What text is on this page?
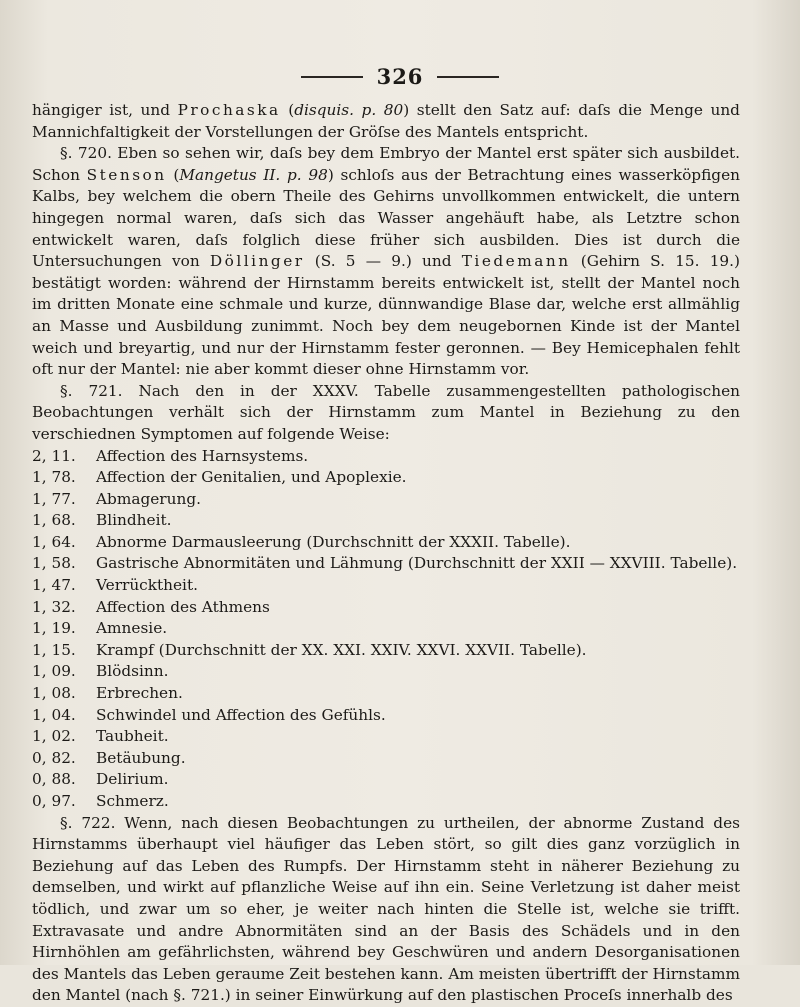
326

hängiger ist, und Prochaska (disquis. p. 80) stellt den Satz auf: daſs die Menge und Mannichfaltigkeit der Vorstellungen der Gröſse des Mantels entspricht.

§. 720. Eben so sehen wir, daſs bey dem Embryo der Mantel erst später sich ausbildet. Schon Stenson (Mangetus II. p. 98) schloſs aus der Betrachtung eines wasserköpfigen Kalbs, bey welchem die obern Theile des Gehirns unvollkommen entwickelt, die untern hingegen normal waren, daſs sich das Wasser angehäuft habe, als Letztre schon entwickelt waren, daſs folglich diese früher sich ausbilden. Dies ist durch die Untersuchungen von Döllinger (S. 5 — 9.) und Tiedemann (Gehirn S. 15. 19.) bestätigt worden: während der Hirnstamm bereits entwickelt ist, stellt der Mantel noch im dritten Monate eine schmale und kurze, dünnwandige Blase dar, welche erst allmählig an Masse und Ausbildung zunimmt. Noch bey dem neugebornen Kinde ist der Mantel weich und breyartig, und nur der Hirnstamm fester geronnen. — Bey Hemicephalen fehlt oft nur der Mantel: nie aber kommt dieser ohne Hirnstamm vor.

§. 721. Nach den in der XXXV. Tabelle zusammengestellten pathologischen Beobachtungen verhält sich der Hirnstamm zum Mantel in Beziehung zu den verschiednen Symptomen auf folgende Weise:

2, 11.	Affection des Harnsystems.
1, 78.	Affection der Genitalien, und Apoplexie.
1, 77.	Abmagerung.
1, 68.	Blindheit.
1, 64.	Abnorme Darmausleerung (Durchschnitt der XXXII. Tabelle).
1, 58.	Gastrische Abnormitäten und Lähmung (Durchschnitt der XXII — XXVIII. Tabelle).
1, 47.	Verrücktheit.
1, 32.	Affection des Athmens
1, 19.	Amnesie.
1, 15.	Krampf (Durchschnitt der XX. XXI. XXIV. XXVI. XXVII. Tabelle).
1, 09.	Blödsinn.
1, 08.	Erbrechen.
1, 04.	Schwindel und Affection des Gefühls.
1, 02.	Taubheit.
0, 82.	Betäubung.
0, 88.	Delirium.
0, 97.	Schmerz.

§. 722. Wenn, nach diesen Beobachtungen zu urtheilen, der abnorme Zustand des Hirnstamms überhaupt viel häufiger das Leben stört, so gilt dies ganz vorzüglich in Beziehung auf das Leben des Rumpfs. Der Hirnstamm steht in näherer Beziehung zu demselben, und wirkt auf pflanzliche Weise auf ihn ein. Seine Verletzung ist daher meist tödlich, und zwar um so eher, je weiter nach hinten die Stelle ist, welche sie trifft. Extravasate und andre Abnormitäten sind an der Basis des Schädels und in den Hirnhöhlen am gefährlichsten, während bey Geschwüren und andern Desorganisationen des Mantels das Leben geraume Zeit bestehen kann. Am meisten übertrifft der Hirnstamm den Mantel (nach §. 721.) in seiner Einwürkung auf den plastischen Proceſs innerhalb des
